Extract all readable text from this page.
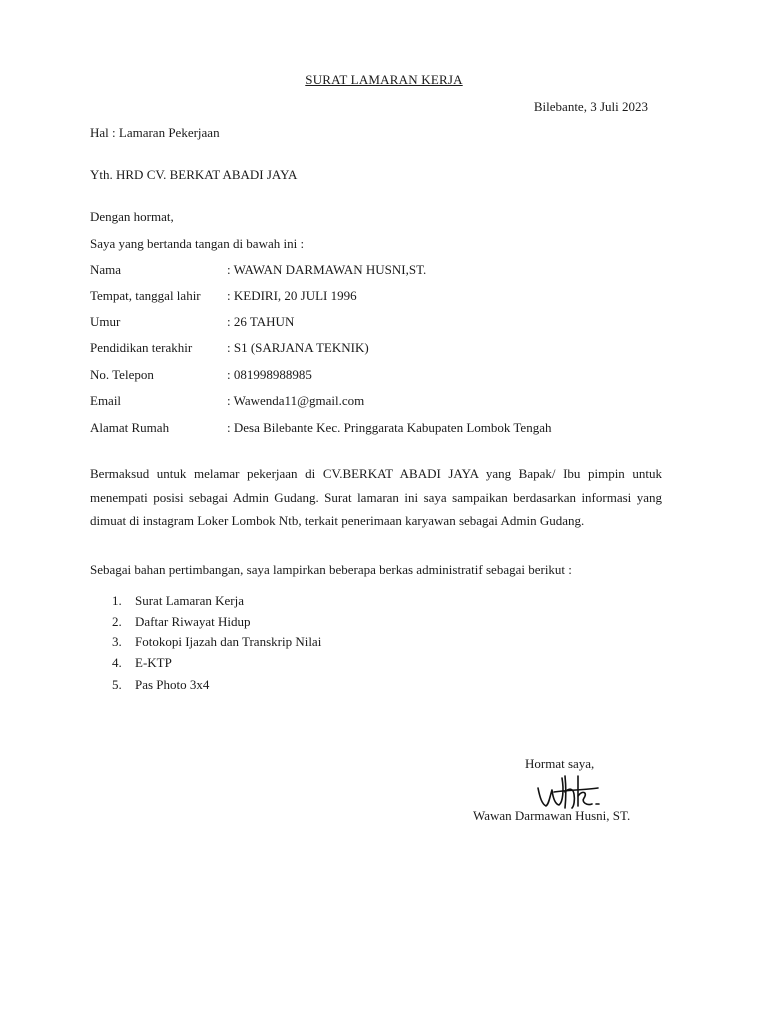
SURAT LAMARAN KERJA
Bilebante, 3 Juli 2023
Hal : Lamaran Pekerjaan
Yth. HRD CV. BERKAT ABADI JAYA
Dengan hormat,
Saya yang bertanda tangan di bawah ini :
Nama	: WAWAN DARMAWAN HUSNI,ST.
Tempat, tanggal lahir : KEDIRI, 20 JULI 1996
Umur	: 26 TAHUN
Pendidikan terakhir	: S1 (SARJANA TEKNIK)
No. Telepon	: 081998988985
Email	: Wawenda11@gmail.com
Alamat Rumah	: Desa Bilebante Kec. Pringgarata Kabupaten Lombok Tengah
Bermaksud untuk melamar pekerjaan di CV.BERKAT ABADI JAYA yang Bapak/ Ibu pimpin untuk menempati posisi sebagai Admin Gudang. Surat lamaran ini saya sampaikan berdasarkan informasi yang dimuat di instagram Loker Lombok Ntb, terkait penerimaan karyawan sebagai Admin Gudang.
Sebagai bahan pertimbangan, saya lampirkan beberapa berkas administratif sebagai berikut :
1. Surat Lamaran Kerja
2. Daftar Riwayat Hidup
3. Fotokopi Ijazah dan Transkrip Nilai
4. E-KTP
5. Pas Photo 3x4
Hormat saya,
Wawan Darmawan Husni, ST.
